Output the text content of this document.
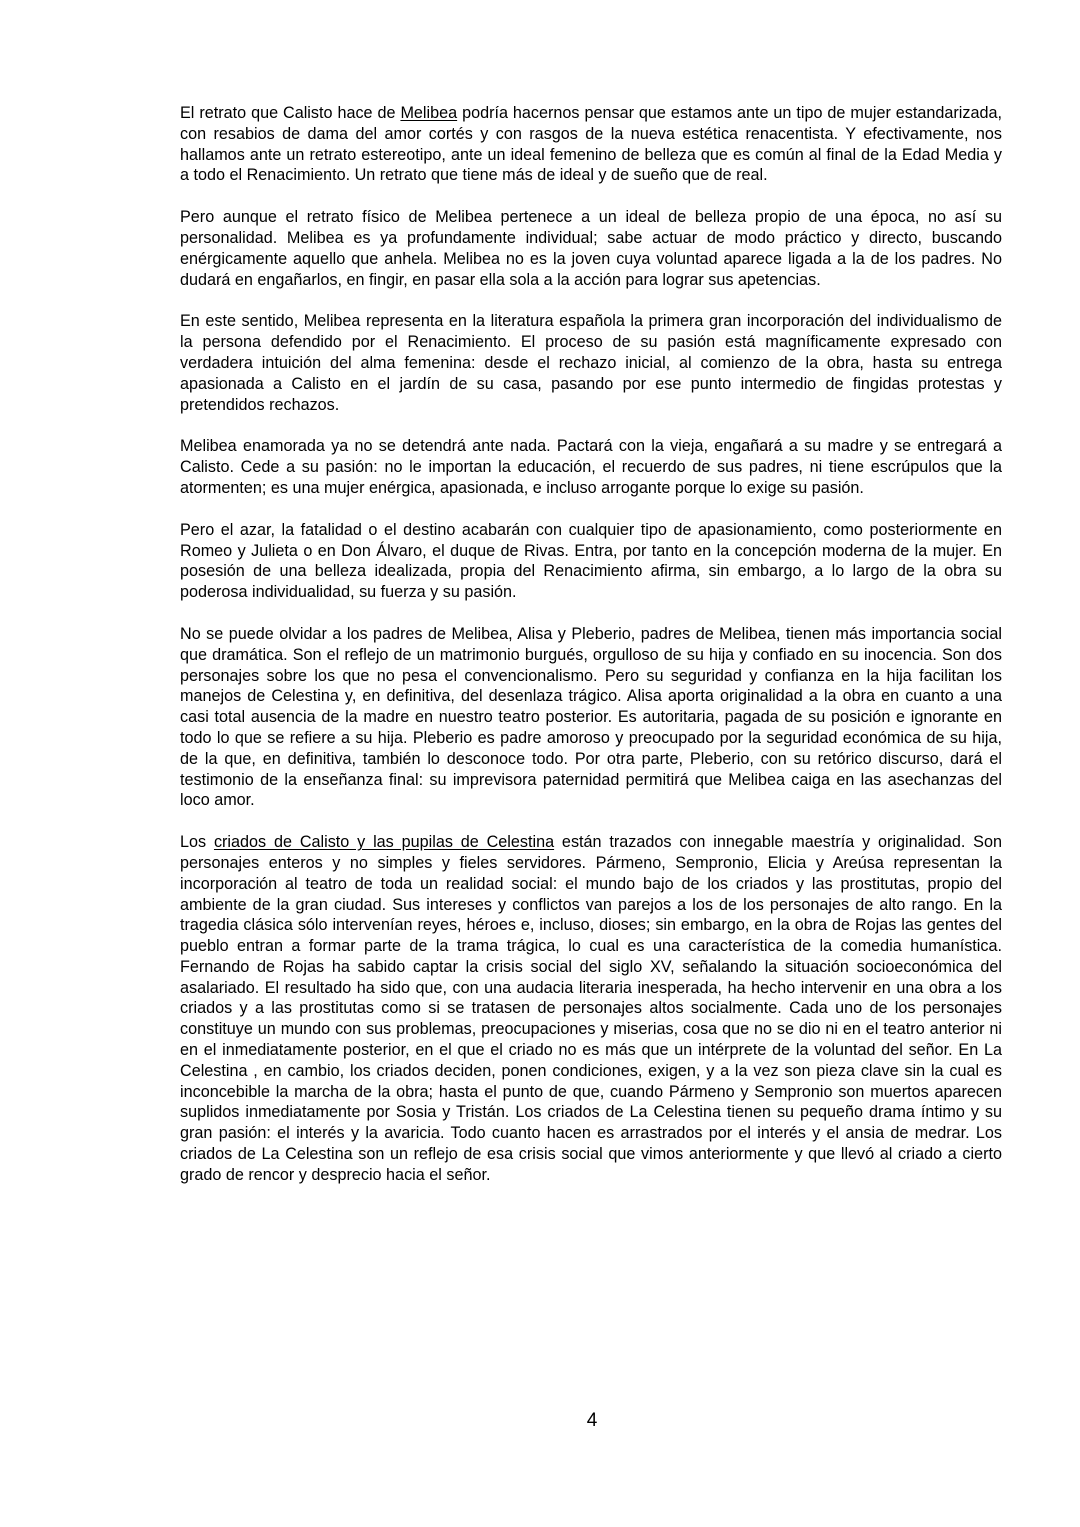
El retrato que Calisto hace de Melibea podría hacernos pensar que estamos ante un tipo de mujer estandarizada, con resabios de dama del amor cortés y con rasgos de la nueva estética renacentista. Y efectivamente, nos hallamos ante un retrato estereotipo, ante un ideal femenino de belleza que es común al final de la Edad Media y a todo el Renacimiento. Un retrato que tiene más de ideal y de sueño que de real.

Pero aunque el retrato físico de Melibea pertenece a un ideal de belleza propio de una época, no así su personalidad. Melibea es ya profundamente individual; sabe actuar de modo práctico y directo, buscando enérgicamente aquello que anhela. Melibea no es la joven cuya voluntad aparece ligada a la de los padres. No dudará en engañarlos, en fingir, en pasar ella sola a la acción para lograr sus apetencias.

En este sentido, Melibea representa en la literatura española la primera gran incorporación del individualismo de la persona defendido por el Renacimiento. El proceso de su pasión está magníficamente expresado con verdadera intuición del alma femenina: desde el rechazo inicial, al comienzo de la obra, hasta su entrega apasionada a Calisto en el jardín de su casa, pasando por ese punto intermedio de fingidas protestas y pretendidos rechazos.

Melibea enamorada ya no se detendrá ante nada. Pactará con la vieja, engañará a su madre y se entregará a Calisto. Cede a su pasión: no le importan la educación, el recuerdo de sus padres, ni tiene escrúpulos que la atormenten; es una mujer enérgica, apasionada, e incluso arrogante porque lo exige su pasión.

Pero el azar, la fatalidad o el destino acabarán con cualquier tipo de apasionamiento, como posteriormente en Romeo y Julieta o en Don Álvaro, el duque de Rivas. Entra, por tanto en la concepción moderna de la mujer. En posesión de una belleza idealizada, propia del Renacimiento afirma, sin embargo, a lo largo de la obra su poderosa individualidad, su fuerza y su pasión.

No se puede olvidar a los padres de Melibea, Alisa y Pleberio, padres de Melibea, tienen más importancia social que dramática. Son el reflejo de un matrimonio burgués, orgulloso de su hija y confiado en su inocencia. Son dos personajes sobre los que no pesa el convencionalismo. Pero su seguridad y confianza en la hija facilitan los manejos de Celestina y, en definitiva, del desenlaza trágico. Alisa aporta originalidad a la obra en cuanto a una casi total ausencia de la madre en nuestro teatro posterior. Es autoritaria, pagada de su posición e ignorante en todo lo que se refiere a su hija. Pleberio es padre amoroso y preocupado por la seguridad económica de su hija, de la que, en definitiva, también lo desconoce todo. Por otra parte, Pleberio, con su retórico discurso, dará el testimonio de la enseñanza final: su imprevisora paternidad permitirá que Melibea caiga en las asechanzas del loco amor.

Los criados de Calisto y las pupilas de Celestina están trazados con innegable maestría y originalidad. Son personajes enteros y no simples y fieles servidores. Pármeno, Sempronio, Elicia y Areúsa representan la incorporación al teatro de toda un realidad social: el mundo bajo de los criados y las prostitutas, propio del ambiente de la gran ciudad. Sus intereses y conflictos van parejos a los de los personajes de alto rango. En la tragedia clásica sólo intervenían reyes, héroes e, incluso, dioses; sin embargo, en la obra de Rojas las gentes del pueblo entran a formar parte de la trama trágica, lo cual es una característica de la comedia humanística. Fernando de Rojas ha sabido captar la crisis social del siglo XV, señalando la situación socioeconómica del asalariado. El resultado ha sido que, con una audacia literaria inesperada, ha hecho intervenir en una obra a los criados y a las prostitutas como si se tratasen de personajes altos socialmente. Cada uno de los personajes constituye un mundo con sus problemas, preocupaciones y miserias, cosa que no se dio ni en el teatro anterior ni en el inmediatamente posterior, en el que el criado no es más que un intérprete de la voluntad del señor. En La Celestina , en cambio, los criados deciden, ponen condiciones, exigen, y a la vez son pieza clave sin la cual es inconcebible la marcha de la obra; hasta el punto de que, cuando Pármeno y Sempronio son muertos aparecen suplidos inmediatamente por Sosia y Tristán. Los criados de La Celestina tienen su pequeño drama íntimo y su gran pasión: el interés y la avaricia. Todo cuanto hacen es arrastrados por el interés y el ansia de medrar. Los criados de La Celestina son un reflejo de esa crisis social que vimos anteriormente y que llevó al criado a cierto grado de rencor y desprecio hacia el señor.

4
